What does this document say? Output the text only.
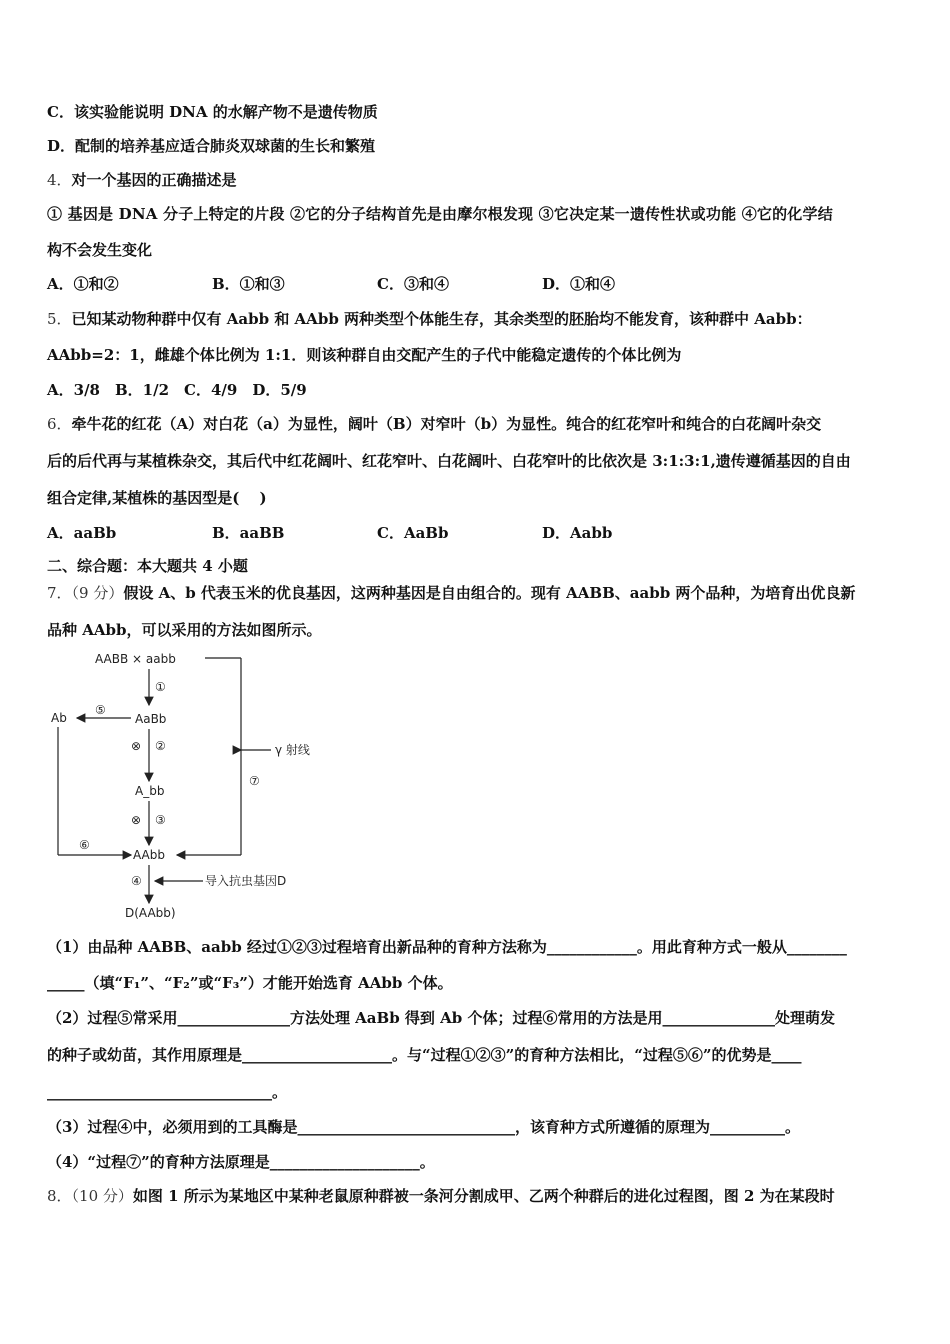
C．该实验能说明 DNA 的水解产物不是遗传物质
D．配制的培养基应适合肺炎双球菌的生长和繁殖
4．对一个基因的正确描述是
① 基因是 DNA 分子上特定的片段 ②它的分子结构首先是由摩尔根发现 ③它决定某一遗传性状或功能 ④它的化学结
构不会发生变化
A．①和②	B．①和③	C．③和④	D．①和④
5．已知某动物种群中仅有 Aabb 和 AAbb 两种类型个体能生存，其余类型的胚胎均不能发育，该种群中 Aabb：
AAbb=2：1，雌雄个体比例为 1:1．则该种群自由交配产生的子代中能稳定遗传的个体比例为
A．3/8　B．1/2　C．4/9　D．5/9
6．牵牛花的红花（A）对白花（a）为显性，阔叶（B）对窄叶（b）为显性。纯合的红花窄叶和纯合的白花阔叶杂交
后的后代再与某植株杂交，其后代中红花阔叶、红花窄叶、白花阔叶、白花窄叶的比依次是 3:1:3:1,遗传遵循基因的自由
组合定律,某植株的基因型是(　 )
A．aaBb	B．aaBB	C．AaBb	D．Aabb
二、综合题：本大题共 4 小题
7．（9 分）假设 A、b 代表玉米的优良基因，这两种基因是自由组合的。现有 AABB、aabb 两个品种，为培育出优良新
品种 AAbb，可以采用的方法如图所示。
AABB × aabb
⑦
γ 射线
①
AaBb
⑤
Ab
⑥
⊗ ②
A_bb
⊗ ③
AAbb
④	导入抗虫基因D
D(AAbb)
（1）由品种 AABB、aabb 经过①②③过程培育出新品种的育种方法称为____________。用此育种方式一般从________
_____（填“F₁”、“F₂”或“F₃”）才能开始选育 AAbb 个体。
（2）过程⑤常采用_______________方法处理 AaBb 得到 Ab 个体；过程⑥常用的方法是用_______________处理萌发
的种子或幼苗，其作用原理是____________________。与“过程①②③”的育种方法相比，“过程⑤⑥”的优势是____
______________________________。
（3）过程④中，必须用到的工具酶是_____________________________，该育种方式所遵循的原理为__________。
（4）“过程⑦”的育种方法原理是____________________。
8．（10 分）如图 1 所示为某地区中某种老鼠原种群被一条河分割成甲、乙两个种群后的进化过程图，图 2 为在某段时
